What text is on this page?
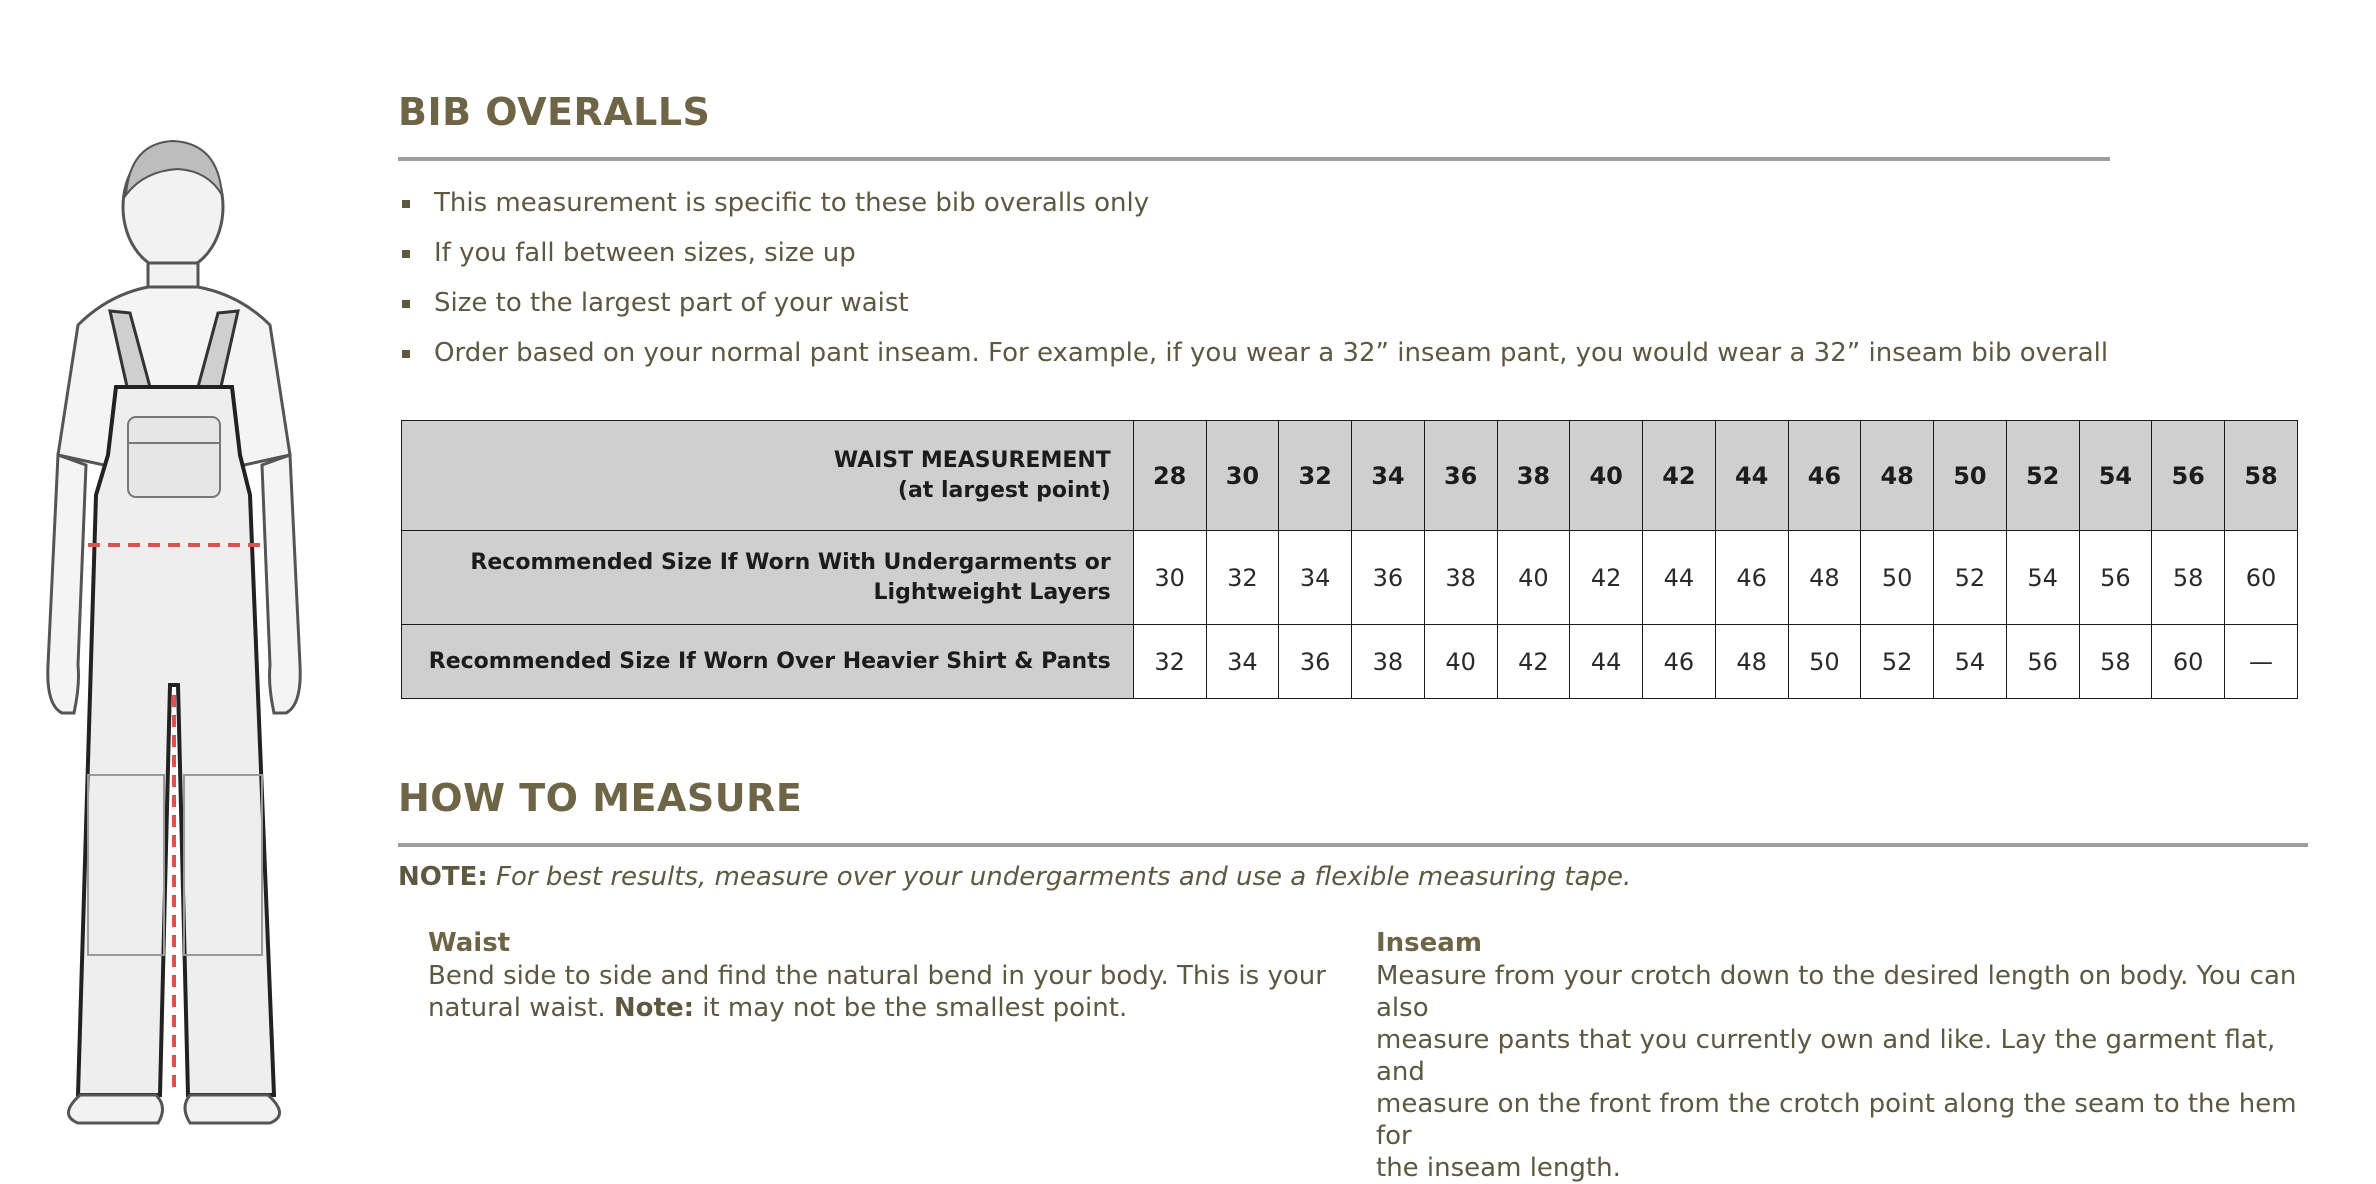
BIB OVERALLS
This measurement is specific to these bib overalls only
If you fall between sizes, size up
Size to the largest part of your waist
Order based on your normal pant inseam. For example, if you wear a 32” inseam pant, you would wear a 32” inseam bib overall
WAIST MEASUREMENT
(at largest point)	28	30	32	34	36	38	40	42	44	46	48	50	52	54	56	58
Recommended Size If Worn With Undergarments or Lightweight Layers	30	32	34	36	38	40	42	44	46	48	50	52	54	56	58	60
Recommended Size If Worn Over Heavier Shirt & Pants	32	34	36	38	40	42	44	46	48	50	52	54	56	58	60	—
HOW TO MEASURE
NOTE: For best results, measure over your undergarments and use a flexible measuring tape.
Waist

Bend side to side and find the natural bend in your body. This is your
natural waist. Note: it may not be the smallest point.

Inseam

Measure from your crotch down to the desired length on body. You can also
measure pants that you currently own and like. Lay the garment flat, and
measure on the front from the crotch point along the seam to the hem for
the inseam length.
